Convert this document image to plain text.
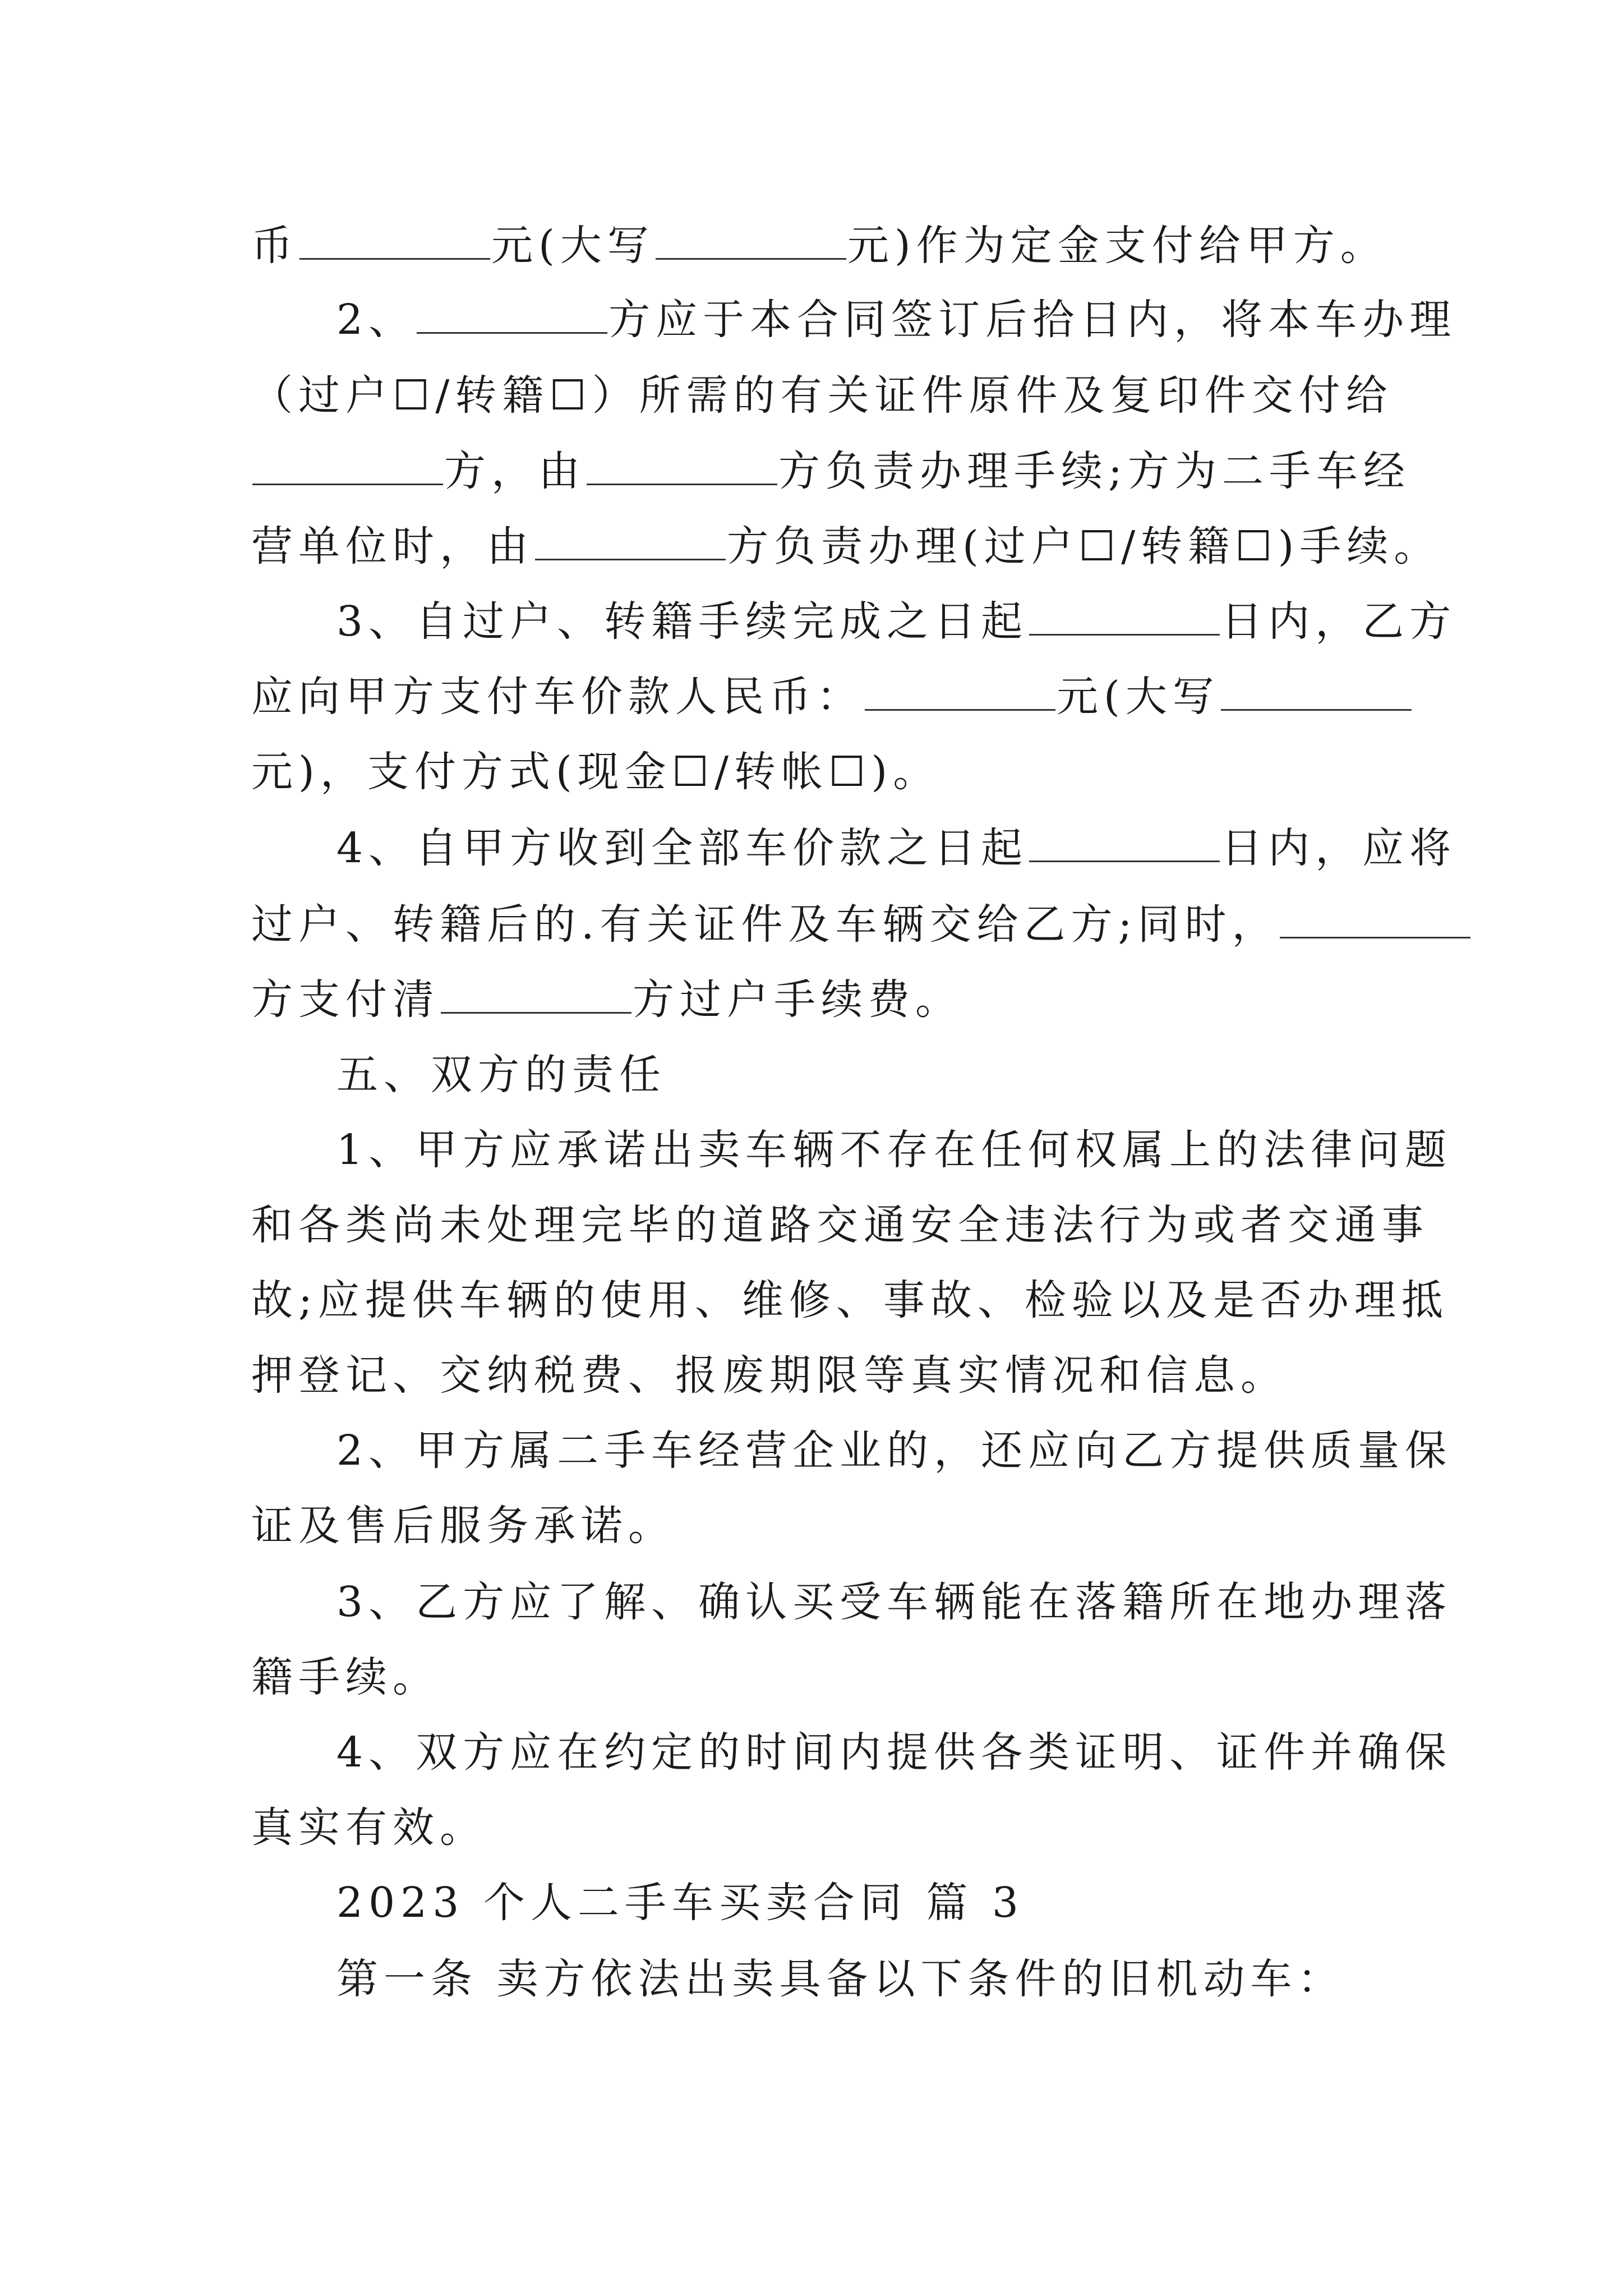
币	元(大写	元)作为定金支付给甲方。
2、	方应于本合同签订后拾日内，将本车办理
（过户☐/转籍☐）所需的有关证件原件及复印件交付给
方，由	方负责办理手续;方为二手车经
营单位时，由	方负责办理(过户☐/转籍☐)手续。
3、自过户、转籍手续完成之日起	日内，乙方
应向甲方支付车价款人民币：	元(大写
元)，支付方式(现金☐/转帐☐)。
4、自甲方收到全部车价款之日起	日内，应将
过户、转籍后的.有关证件及车辆交给乙方;同时，
方支付清	方过户手续费。
五、双方的责任
1、甲方应承诺出卖车辆不存在任何权属上的法律问题
和各类尚未处理完毕的道路交通安全违法行为或者交通事
故;应提供车辆的使用、维修、事故、检验以及是否办理抵
押登记、交纳税费、报废期限等真实情况和信息。
2、甲方属二手车经营企业的，还应向乙方提供质量保
证及售后服务承诺。
3、乙方应了解、确认买受车辆能在落籍所在地办理落
籍手续。
4、双方应在约定的时间内提供各类证明、证件并确保
真实有效。
2023 个人二手车买卖合同 篇 3
第一条 卖方依法出卖具备以下条件的旧机动车：
